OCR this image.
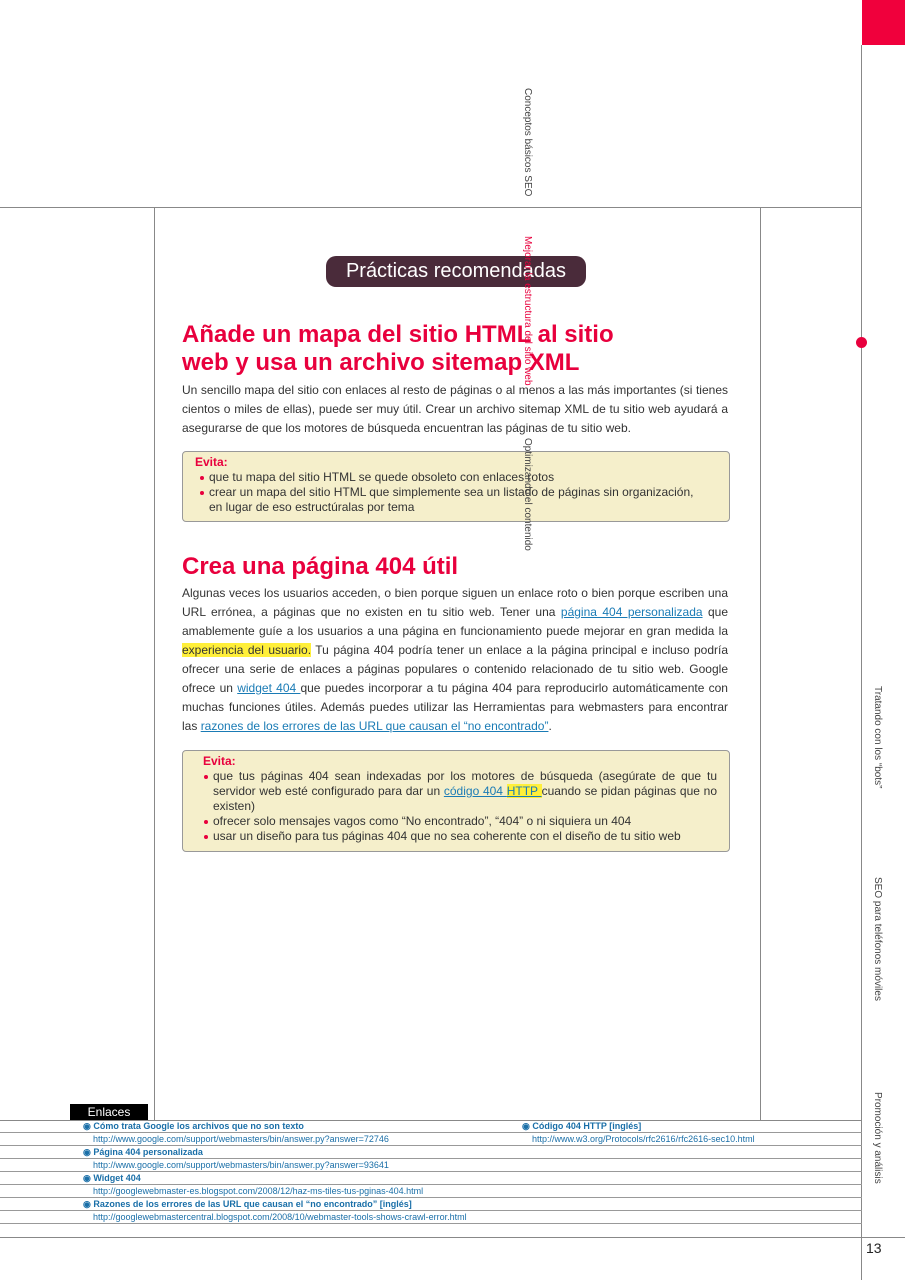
Conceptos básicos SEO
Mejorar la estructura del sitio web
Optimizando el contenido
Tratando con los “bots”
SEO para teléfonos móviles
Promoción y análisis
Prácticas recomendadas
Añade un mapa del sitio HTML al sitio
web y usa un archivo sitemap XML
Un sencillo mapa del sitio con enlaces al resto de páginas o al menos a las más importantes (si tienes cientos o miles de ellas), puede ser muy útil. Crear un archivo sitemap XML de tu sitio web ayudará a asegurarse de que los motores de búsqueda encuentran las páginas de tu sitio web.
Evita:
que tu mapa del sitio HTML se quede obsoleto con enlaces rotos
crear un mapa del sitio HTML que simplemente sea un listado de páginas sin organización, en lugar de eso estructúralas por tema
Crea una página 404 útil
Algunas veces los usuarios acceden, o bien porque siguen un enlace roto o bien porque escriben una URL errónea, a páginas que no existen en tu sitio web. Tener una página 404 personalizada que amablemente guíe a los usuarios a una página en funcionamiento puede mejorar en gran medida la experiencia del usuario. Tu página 404 podría tener un enlace a la página principal e incluso podría ofrecer una serie de enlaces a páginas populares o contenido relacionado de tu sitio web. Google ofrece un widget 404 que puedes incorporar a tu página 404 para reproducirlo automáticamente con muchas funciones útiles. Además puedes utilizar las Herramientas para webmasters para encontrar las razones de los errores de las URL que causan el “no encontrado”.
Evita:
que tus páginas 404 sean indexadas por los motores de búsqueda (asegúrate de que tu servidor web esté configurado para dar un código 404 HTTP cuando se pidan páginas que no existen)
ofrecer solo mensajes vagos como “No encontrado”, “404” o ni siquiera un 404
usar un diseño para tus páginas 404 que no sea coherente con el diseño de tu sitio web
Enlaces
◉ Cómo trata Google los archivos que no son texto	◉ Código 404 HTTP [inglés]
http://www.google.com/support/webmasters/bin/answer.py?answer=72746	http://www.w3.org/Protocols/rfc2616/rfc2616-sec10.html
◉ Página 404 personalizada
http://www.google.com/support/webmasters/bin/answer.py?answer=93641
◉ Widget 404
http://googlewebmaster-es.blogspot.com/2008/12/haz-ms-tiles-tus-pginas-404.html
◉ Razones de los errores de las URL que causan el “no encontrado” [inglés]
http://googlewebmastercentral.blogspot.com/2008/10/webmaster-tools-shows-crawl-error.html
13
